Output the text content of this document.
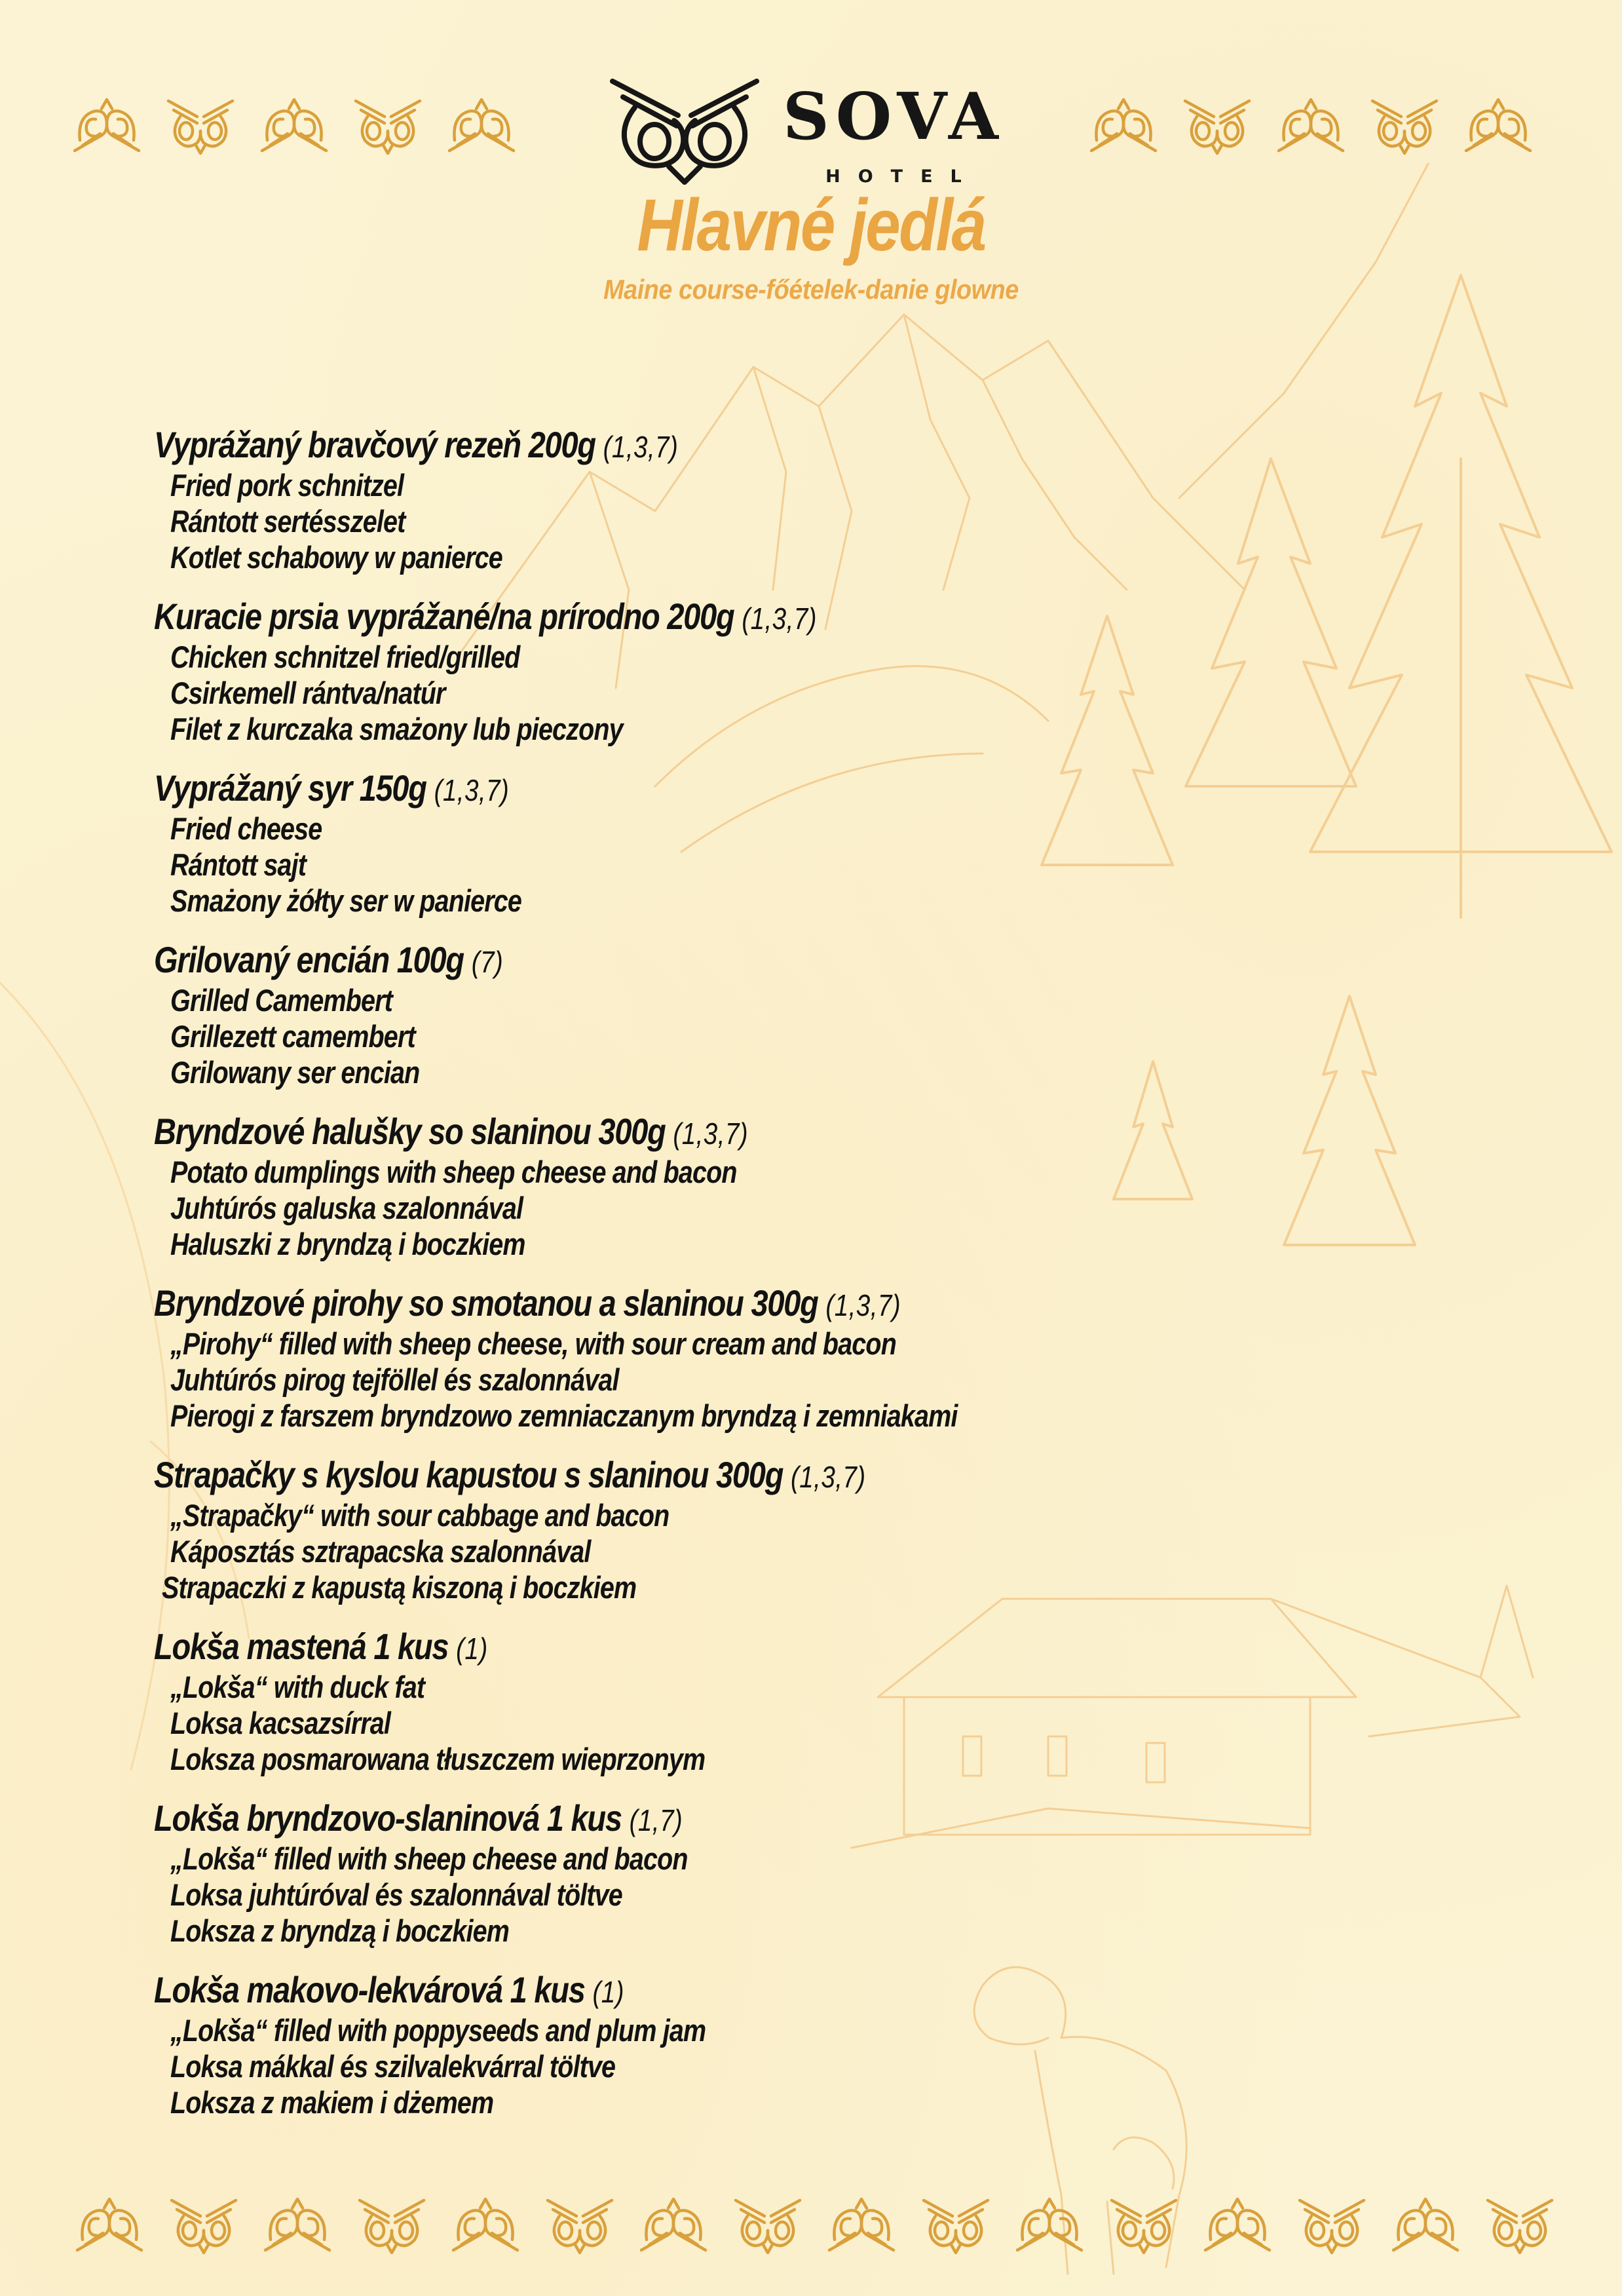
SOVA
HOTEL
Hlavné jedlá
Maine course-főételek-danie glowne
Vyprážaný bravčový rezeň 200g (1,3,7)
Fried pork schnitzel
Rántott sertésszelet
Kotlet schabowy w panierce
Kuracie prsia vyprážané/na prírodno 200g (1,3,7)
Chicken schnitzel fried/grilled
Csirkemell rántva/natúr
Filet z kurczaka smażony lub pieczony
Vyprážaný syr 150g (1,3,7)
Fried cheese
Rántott sajt
Smażony żółty ser w panierce
Grilovaný encián 100g (7)
Grilled Camembert
Grillezett camembert
Grilowany ser encian
Bryndzové halušky so slaninou 300g (1,3,7)
Potato dumplings with sheep cheese and bacon
Juhtúrós galuska szalonnával
Haluszki z bryndzą i boczkiem
Bryndzové pirohy so smotanou a slaninou 300g (1,3,7)
„Pirohy“ filled with sheep cheese, with sour cream and bacon
Juhtúrós pirog tejföllel és szalonnával
Pierogi z farszem bryndzowo zemniaczanym bryndzą i zemniakami
Strapačky s kyslou kapustou s slaninou 300g (1,3,7)
„Strapačky“ with sour cabbage and bacon
Káposztás sztrapacska szalonnával
Strapaczki z kapustą kiszoną i boczkiem
Lokša mastená 1 kus (1)
„Lokša“ with duck fat
Loksa kacsazsírral
Loksza posmarowana tłuszczem wieprzonym
Lokša bryndzovo-slaninová 1 kus (1,7)
„Lokša“ filled with sheep cheese and bacon
Loksa juhtúróval és szalonnával töltve
Loksza z bryndzą i boczkiem
Lokša makovo-lekvárová 1 kus (1)
„Lokša“ filled with poppyseeds and plum jam
Loksa mákkal és szilvalekvárral töltve
Loksza z makiem i dżemem
